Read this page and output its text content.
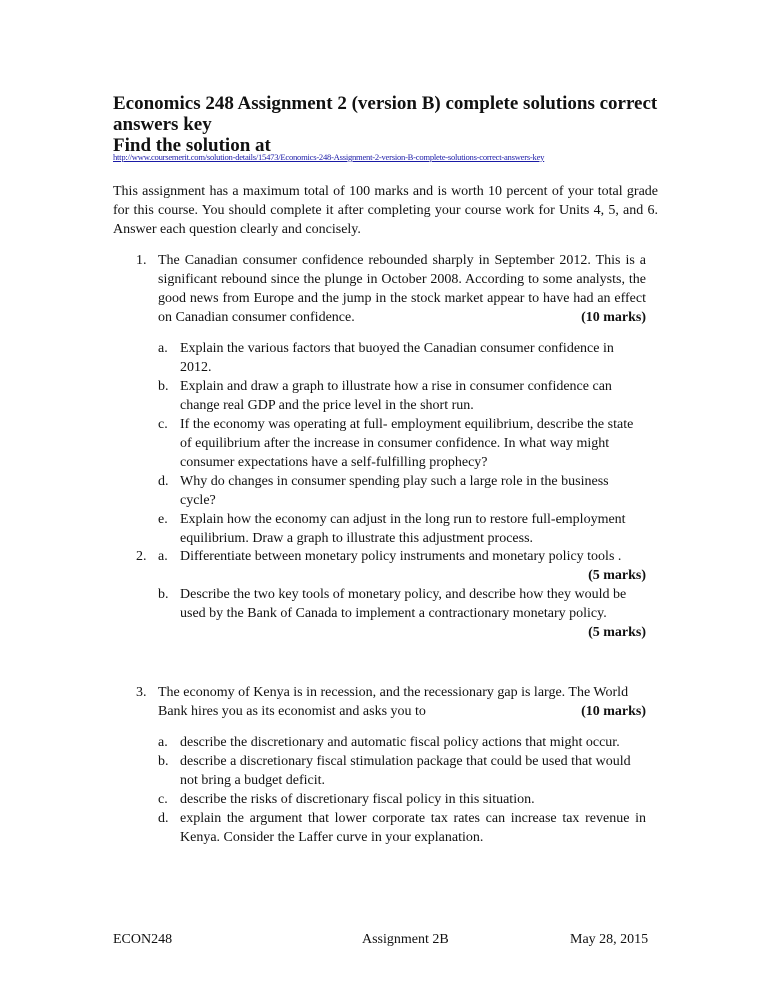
Economics 248 Assignment 2 (version B) complete solutions correct answers key
Find the solution at
http://www.coursemerit.com/solution-details/15473/Economics-248-Assignment-2-version-B-complete-solutions-correct-answers-key
This assignment has a maximum total of 100 marks and is worth 10 percent of your total grade for this course. You should complete it after completing your course work for Units 4, 5, and 6. Answer each question clearly and concisely.
1. The Canadian consumer confidence rebounded sharply in September 2012. This is a significant rebound since the plunge in October 2008. According to some analysts, the good news from Europe and the jump in the stock market appear to have had an effect on Canadian consumer confidence.	(10 marks)
a. Explain the various factors that buoyed the Canadian consumer confidence in 2012.
b. Explain and draw a graph to illustrate how a rise in consumer confidence can change real GDP and the price level in the short run.
c. If the economy was operating at full- employment equilibrium, describe the state of equilibrium after the increase in consumer confidence. In what way might consumer expectations have a self-fulfilling prophecy?
d. Why do changes in consumer spending play such a large role in the business cycle?
e. Explain how the economy can adjust in the long run to restore full-employment equilibrium. Draw a graph to illustrate this adjustment process.
2. a. Differentiate between monetary policy instruments and monetary policy tools .
(5 marks)
b. Describe the two key tools of monetary policy, and describe how they would be used by the Bank of Canada to implement a contractionary monetary policy.
(5 marks)
3. The economy of Kenya is in recession, and the recessionary gap is large. The World Bank hires you as its economist and asks you to	(10 marks)
a. describe the discretionary and automatic fiscal policy actions that might occur.
b. describe a discretionary fiscal stimulation package that could be used that would not bring a budget deficit.
c. describe the risks of discretionary fiscal policy in this situation.
d. explain the argument that lower corporate tax rates can increase tax revenue in Kenya. Consider the Laffer curve in your explanation.
ECON248	Assignment 2B	May 28, 2015
